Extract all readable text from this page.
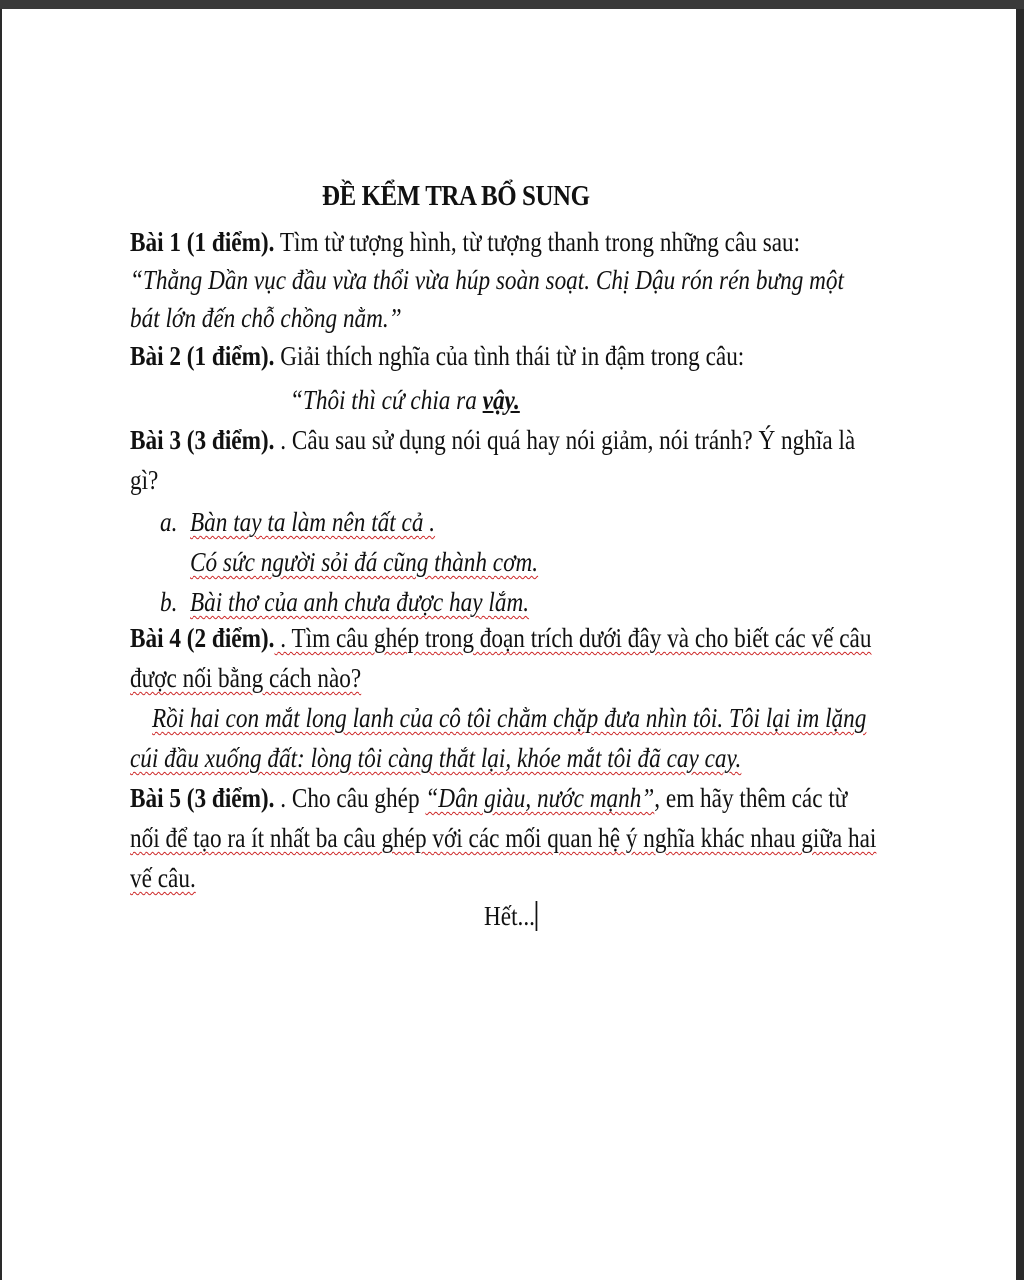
ĐỀ KỂM TRA BỔ SUNG
Bài 1 (1 điểm). Tìm từ tượng hình, từ tượng thanh trong những câu sau:
“Thằng Dần vục đầu vừa thổi vừa húp soàn soạt. Chị Dậu rón rén bưng một
bát lớn đến chỗ chồng nằm.”
Bài 2 (1 điểm). Giải thích nghĩa của tình thái từ in đậm trong câu:
“Thôi thì cứ chia ra vậy.
Bài 3 (3 điểm). . Câu sau sử dụng nói quá hay nói giảm, nói tránh? Ý nghĩa là
gì?
a. Bàn tay ta làm nên tất cả .
Có sức người sỏi đá cũng thành cơm.
b. Bài thơ của anh chưa được hay lắm.
Bài 4 (2 điểm). . Tìm câu ghép trong đoạn trích dưới đây và cho biết các vế câu
được nối bằng cách nào?
Rồi hai con mắt long lanh của cô tôi chằm chặp đưa nhìn tôi. Tôi lại im lặng
cúi đầu xuống đất: lòng tôi càng thắt lại, khóe mắt tôi đã cay cay.
Bài 5 (3 điểm). . Cho câu ghép “Dân giàu, nước mạnh”, em hãy thêm các từ
nối để tạo ra ít nhất ba câu ghép với các mối quan hệ ý nghĩa khác nhau giữa hai
vế câu.
Hết...
